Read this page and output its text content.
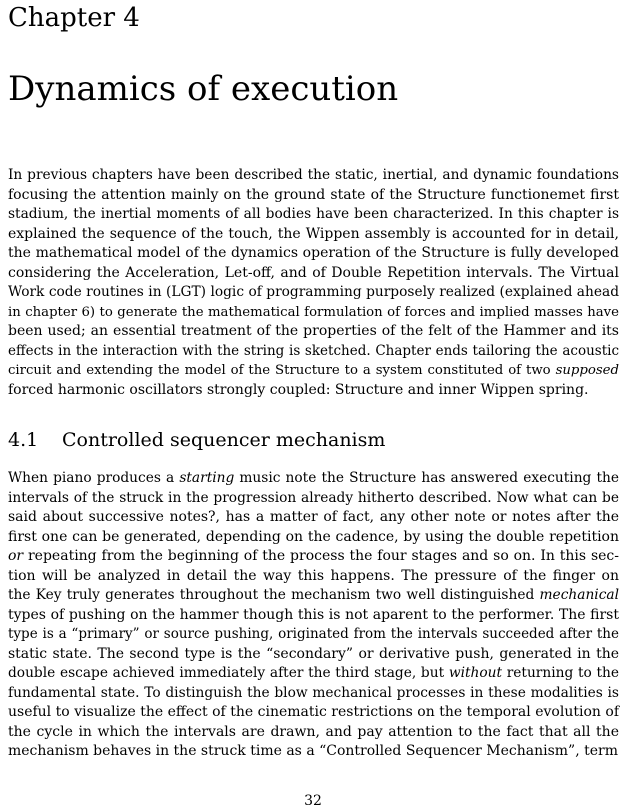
Chapter 4
Dynamics of execution
In previous chapters have been described the static, inertial, and dynamic foundations
focusing the attention mainly on the ground state of the Structure functionemet first
stadium, the inertial moments of all bodies have been characterized. In this chapter is
explained the sequence of the touch, the Wippen assembly is accounted for in detail,
the mathematical model of the dynamics operation of the Structure is fully developed
considering the Acceleration, Let-off, and of Double Repetition intervals. The Virtual
Work code routines in (LGT) logic of programming purposely realized (explained ahead
in chapter 6) to generate the mathematical formulation of forces and implied masses have
been used; an essential treatment of the properties of the felt of the Hammer and its
effects in the interaction with the string is sketched. Chapter ends tailoring the acoustic
circuit and extending the model of the Structure to a system constituted of two supposed
forced harmonic oscillators strongly coupled: Structure and inner Wippen spring.
4.1 Controlled sequencer mechanism
When piano produces a starting music note the Structure has answered executing the
intervals of the struck in the progression already hitherto described. Now what can be
said about successive notes?, has a matter of fact, any other note or notes after the
first one can be generated, depending on the cadence, by using the double repetition
or repeating from the beginning of the process the four stages and so on. In this sec-
tion will be analyzed in detail the way this happens. The pressure of the finger on
the Key truly generates throughout the mechanism two well distinguished mechanical
types of pushing on the hammer though this is not aparent to the performer. The first
type is a “primary” or source pushing, originated from the intervals succeeded after the
static state. The second type is the “secondary” or derivative push, generated in the
double escape achieved immediately after the third stage, but without returning to the
fundamental state. To distinguish the blow mechanical processes in these modalities is
useful to visualize the effect of the cinematic restrictions on the temporal evolution of
the cycle in which the intervals are drawn, and pay attention to the fact that all the
mechanism behaves in the struck time as a “Controlled Sequencer Mechanism”, term
32
